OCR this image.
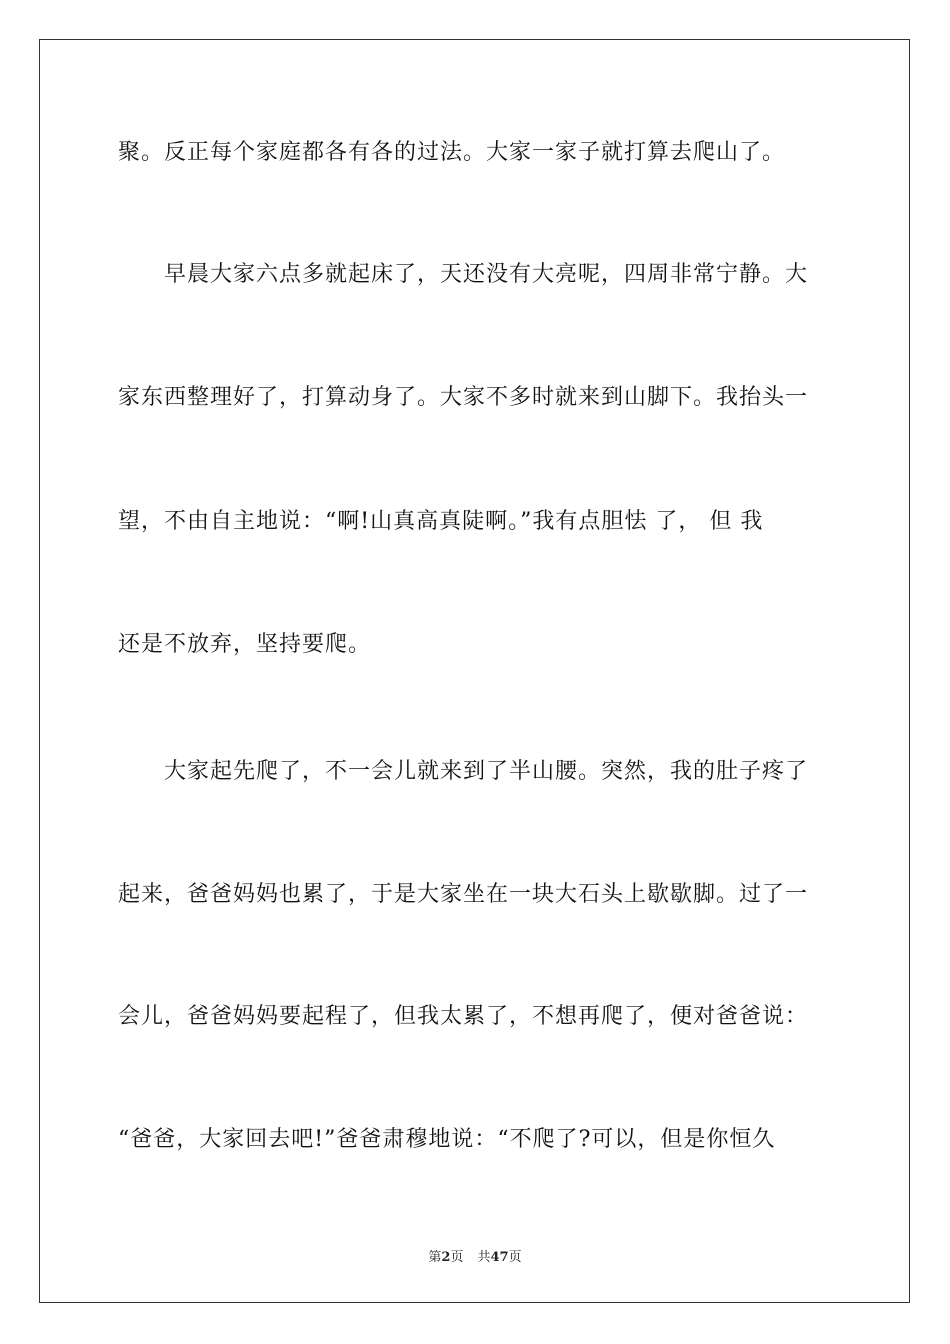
聚。反正每个家庭都各有各的过法。大家一家子就打算去爬山了。
早晨大家六点多就起床了，天还没有大亮呢，四周非常宁静。大
家东西整理好了，打算动身了。大家不多时就来到山脚下。我抬头一
望，不由自主地说：“啊!山真高真陡啊。”我有点胆怯 了， 但 我
还是不放弃，坚持要爬。
大家起先爬了，不一会儿就来到了半山腰。突然，我的肚子疼了
起来，爸爸妈妈也累了，于是大家坐在一块大石头上歇歇脚。过了一
会儿，爸爸妈妈要起程了，但我太累了，不想再爬了，便对爸爸说：
“爸爸，大家回去吧!”爸爸肃穆地说：“不爬了?可以，但是你恒久
第2页 共47页
